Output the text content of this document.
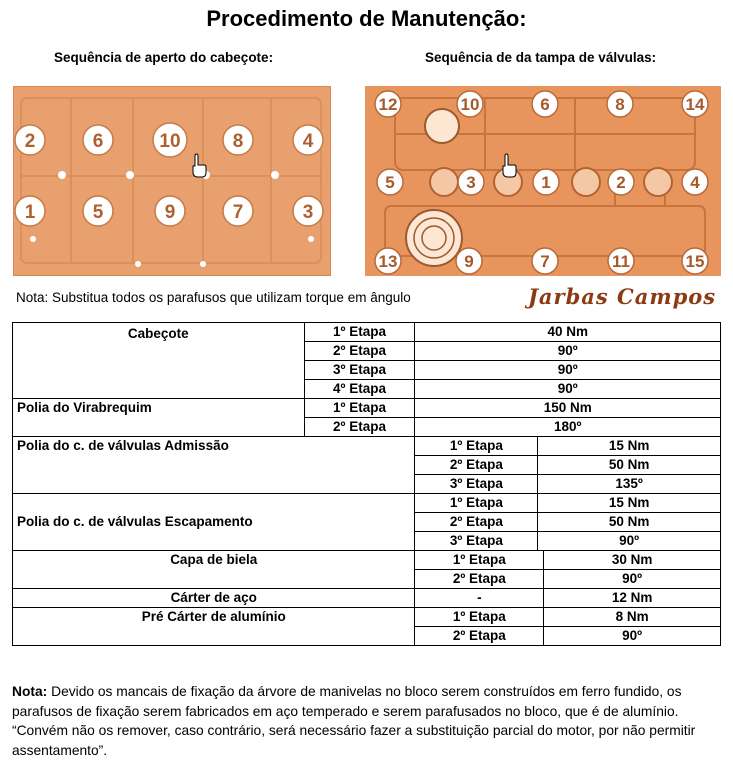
Procedimento de Manutenção:
Sequência de aperto do cabeçote:	Sequência de da tampa de válvulas:
2	6	10	8	4
1	5	9	7	3
12	10	6	8	14
5	3	1	2	4
13	9	7	11	15
Nota: Substitua todos os parafusos que utilizam torque em ângulo	Jarbas Campos
Cabeçote	1º Etapa	40 Nm		
	2º Etapa	90º		
	3º Etapa	90º		
	4º Etapa	90º		
Polia do Virabrequim	1º Etapa	150 Nm		
	2º Etapa	180º		
Polia do c. de válvulas Admissão		1º Etapa	15 Nm	
		2º Etapa	50 Nm	
		3º Etapa	135º	
Polia do c. de válvulas Escapamento		1º Etapa	15 Nm	
		2º Etapa	50 Nm	
		3º Etapa	90º	
Capa de biela		1º Etapa		30 Nm
		2º Etapa		90º
Cárter de aço		-		12 Nm
Pré Cárter de alumínio		1º Etapa		8 Nm
		2º Etapa		90º
Nota: Devido os mancais de fixação da árvore de manivelas no bloco serem construídos em ferro fundido, os parafusos de fixação serem fabricados em aço temperado e serem parafusados no bloco, que é de alumínio. “Convém não os remover, caso contrário, será necessário fazer a substituição parcial do motor, por não permitir assentamento”.
